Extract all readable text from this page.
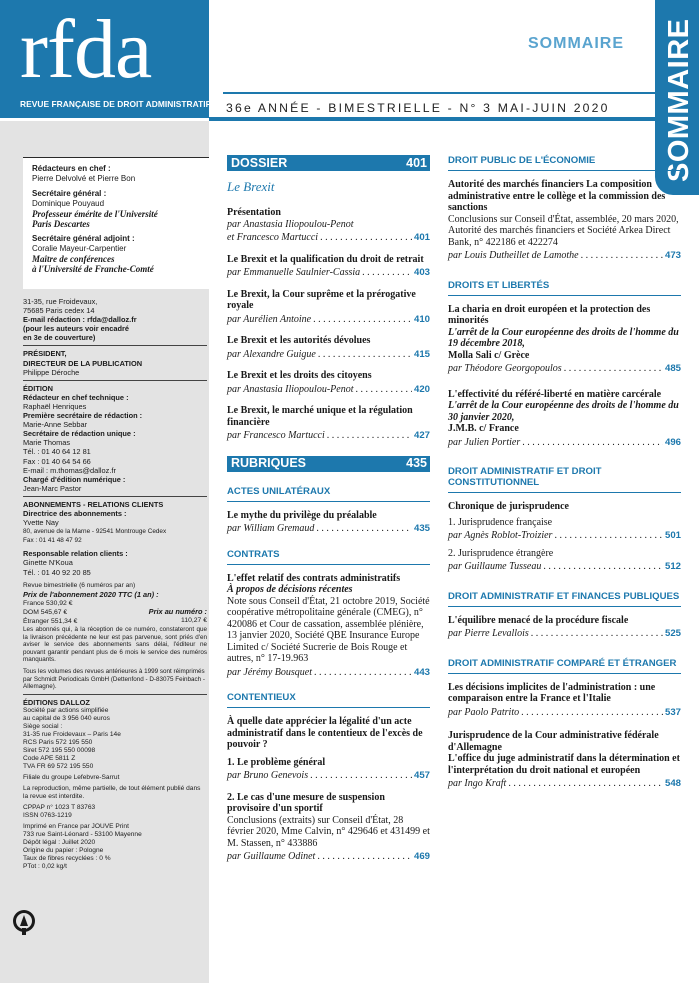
rfda
REVUE FRANÇAISE DE DROIT ADMINISTRATIF
SOMMAIRE
36e ANNÉE - BIMESTRIELLE - N° 3 MAI-JUIN 2020	SOMMAIRE
Rédacteurs en chef :
Pierre Delvolvé et Pierre Bon
Secrétaire général :
Dominique Pouyaud
Professeur émérite de l'Université
Paris Descartes
Secrétaire général adjoint :
Coralie Mayeur-Carpentier
Maître de conférences
à l'Université de Franche-Comté
31-35, rue Froidevaux,
75685 Paris cedex 14
E-mail rédaction : rfda@dalloz.fr
(pour les auteurs voir encadré
en 3e de couverture)
PRÉSIDENT,
DIRECTEUR DE LA PUBLICATION
Philippe Déroche
ÉDITION
Rédacteur en chef technique :
Raphaël Henriques
Première secrétaire de rédaction :
Marie-Anne Sebbar
Secrétaire de rédaction unique :
Marie Thomas
Tél. : 01 40 64 12 81
Fax : 01 40 64 54 66
E-mail : m.thomas@dalloz.fr
Chargé d'édition numérique :
Jean-Marc Pastor
ABONNEMENTS - RELATIONS CLIENTS
Directrice des abonnements :
Yvette Nay
80, avenue de la Marne - 92541 Montrouge Cedex
Fax : 01 41 48 47 92
Responsable relation clients :
Ginette N'Koua
Tél. : 01 40 92 20 85
Revue bimestrielle (6 numéros par an)
Prix de l'abonnement 2020 TTC (1 an) :
France 530,92 €
DOM 545,67 €
Étranger 551,34 €
Prix au numéro :
110,27 €
Les abonnés qui, à la réception de ce numéro, constateront que la livraison précédente ne leur est pas parvenue, sont priés d'en aviser le service des abonnements sans délai, l'éditeur ne pouvant garantir pendant plus de 6 mois le service des numéros manquants.
Tous les volumes des revues antérieures à 1999 sont réimprimés par Schmidt Periodicals GmbH (Dettenfond - D-83075 Feinbach - Allemagne).
ÉDITIONS DALLOZ
Société par actions simplifiée
au capital de 3 956 040 euros
Siège social :
31-35 rue Froidevaux – Paris 14e
RCS Paris 572 195 550
Siret 572 195 550 00098
Code APE 5811 Z
TVA FR 69 572 195 550
Filiale du groupe Lefebvre-Sarrut
La reproduction, même partielle, de tout élément publié dans la revue est interdite.
CPPAP n° 1023 T 83763
ISSN 0763-1219
Imprimé en France par JOUVE Print
733 rue Saint-Léonard - 53100 Mayenne
Dépôt légal : Juillet 2020
Origine du papier : Pologne
Taux de fibres recyclées : 0 %
PTot : 0,02 kg/t
DOSSIER	401
Le Brexit
Présentation
par Anastasia Iliopoulou-Penot
et Francesco Martucci . . .	401
Le Brexit et la qualification du droit de retrait
par Emmanuelle Saulnier-Cassia . . .	403
Le Brexit, la Cour suprême et la prérogative royale
par Aurélien Antoine . . .	410
Le Brexit et les autorités dévolues
par Alexandre Guigue . . .	415
Le Brexit et les droits des citoyens
par Anastasia Iliopoulou-Penot . . .	420
Le Brexit, le marché unique et la régulation financière
par Francesco Martucci . . .	427
RUBRIQUES	435
ACTES UNILATÉRAUX
Le mythe du privilège du préalable
par William Gremaud . . .	435
CONTRATS
L'effet relatif des contrats administratifs
À propos de décisions récentes
Note sous Conseil d'État, 21 octobre 2019, Société coopérative métropolitaine générale (CMEG), n° 420086 et Cour de cassation, assemblée plénière, 13 janvier 2020, Société QBE Insurance Europe Limited c/ Société Sucrerie de Bois Rouge et autres, n° 17-19.963
par Jérémy Bousquet . . .	443
CONTENTIEUX
À quelle date apprécier la légalité d'un acte administratif dans le contentieux de l'excès de pouvoir ?
1. Le problème général
par Bruno Genevois . . .	457
2. Le cas d'une mesure de suspension provisoire d'un sportif
Conclusions (extraits) sur Conseil d'État, 28 février 2020, Mme Calvin, n° 429646 et 431499 et M. Stassen, n° 433886
par Guillaume Odinet . . .	469
DROIT PUBLIC DE L'ÉCONOMIE
Autorité des marchés financiers La composition administrative entre le collège et la commission des sanctions
Conclusions sur Conseil d'État, assemblée, 20 mars 2020, Autorité des marchés financiers et Société Arkea Direct Bank, n° 422186 et 422274
par Louis Dutheillet de Lamothe . . .	473
DROITS ET LIBERTÉS
La charia en droit européen et la protection des minorités
L'arrêt de la Cour européenne des droits de l'homme du 19 décembre 2018,
Molla Sali c/ Grèce
par Théodore Georgopoulos . . .	485
L'effectivité du référé-liberté en matière carcérale
L'arrêt de la Cour européenne des droits de l'homme du 30 janvier 2020,
J.M.B. c/ France
par Julien Portier . . .	496
DROIT ADMINISTRATIF ET DROIT CONSTITUTIONNEL
Chronique de jurisprudence
1. Jurisprudence française
par Agnès Roblot-Troizier . . .	501
2. Jurisprudence étrangère
par Guillaume Tusseau . . .	512
DROIT ADMINISTRATIF ET FINANCES PUBLIQUES
L'équilibre menacé de la procédure fiscale
par Pierre Levallois . . .	525
DROIT ADMINISTRATIF COMPARÉ ET ÉTRANGER
Les décisions implicites de l'administration : une comparaison entre la France et l'Italie
par Paolo Patrito . . .	537
Jurisprudence de la Cour administrative fédérale d'Allemagne
L'office du juge administratif dans la détermination et l'interprétation du droit national et européen
par Ingo Kraft . . .	548
